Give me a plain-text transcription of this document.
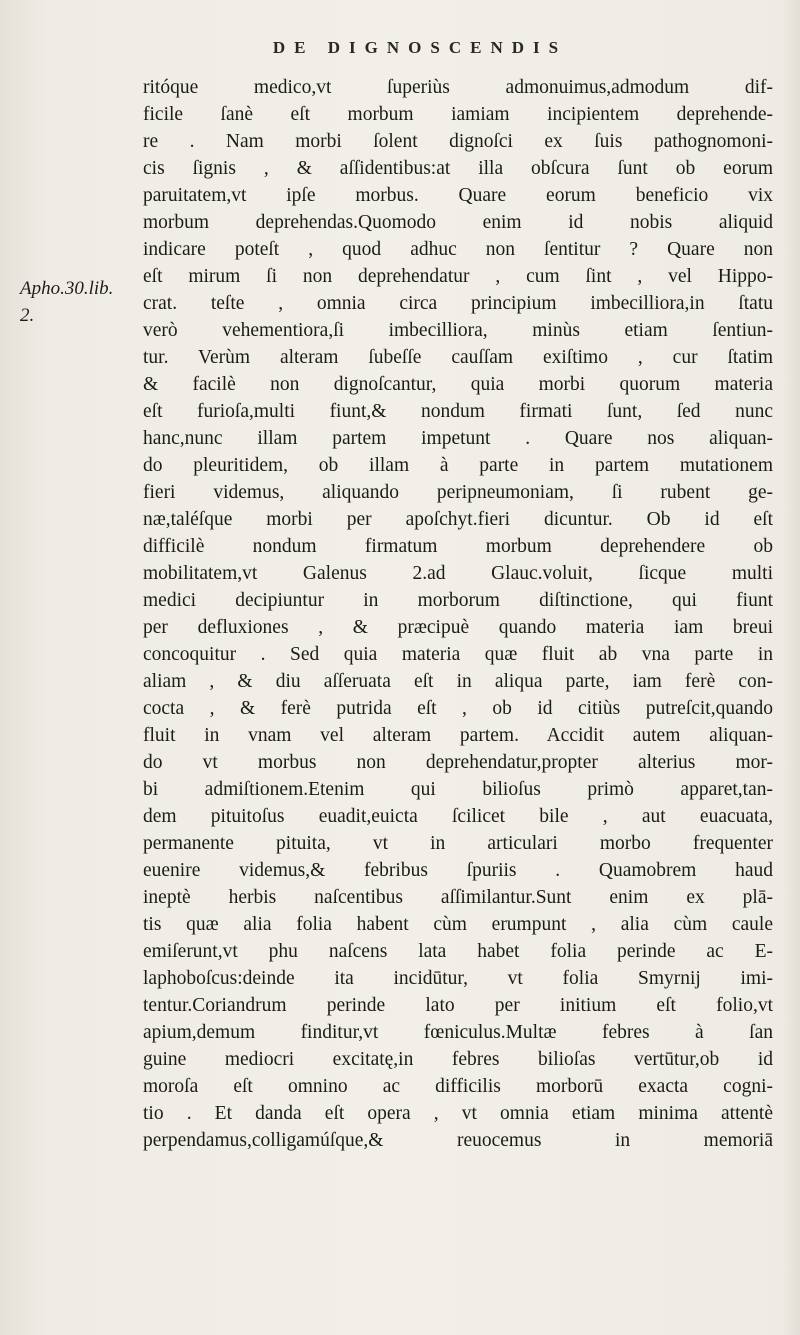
DE DIGNOSCENDIS
Apho.30.lib.
2.
ritóque medico,vt ſuperiùs admonuimus,admodum dif-
ficile ſanè eſt morbum iamiam incipientem deprehende-
re . Nam morbi ſolent dignoſci ex ſuis pathognomoni-
cis ſignis , & aſſidentibus:at illa obſcura ſunt ob eorum
paruitatem,vt ipſe morbus. Quare eorum beneficio vix
morbum deprehendas.Quomodo enim id nobis aliquid
indicare poteſt , quod adhuc non ſentitur ? Quare non
eſt mirum ſi non deprehendatur , cum ſint , vel Hippo-
crat. teſte , omnia circa principium imbecilliora,in ſtatu
verò vehementiora,ſi imbecilliora, minùs etiam ſentiun-
tur. Verùm alteram ſubeſſe cauſſam exiſtimo , cur ſtatim
& facilè non dignoſcantur, quia morbi quorum materia
eſt furioſa,multi fiunt,& nondum firmati ſunt, ſed nunc
hanc,nunc illam partem impetunt . Quare nos aliquan-
do pleuritidem, ob illam à parte in partem mutationem
fieri videmus, aliquando peripneumoniam, ſi rubent ge-
næ,taléſque morbi per apoſchyt.fieri dicuntur. Ob id eſt
difficilè nondum firmatum morbum deprehendere ob
mobilitatem,vt Galenus 2.ad Glauc.voluit, ſicque multi
medici decipiuntur in morborum diſtinctione, qui fiunt
per defluxiones , & præcipuè quando materia iam breui
concoquitur . Sed quia materia quæ fluit ab vna parte in
aliam , & diu aſſeruata eſt in aliqua parte, iam ferè con-
cocta , & ferè putrida eſt , ob id citiùs putreſcit,quando
fluit in vnam vel alteram partem. Accidit autem aliquan-
do vt morbus non deprehendatur,propter alterius mor-
bi admiſtionem.Etenim qui bilioſus primò apparet,tan-
dem pituitoſus euadit,euicta ſcilicet bile , aut euacuata,
permanente pituita, vt in articulari morbo frequenter
euenire videmus,& febribus ſpuriis . Quamobrem haud
ineptè herbis naſcentibus aſſimilantur.Sunt enim ex plā-
tis quæ alia folia habent cùm erumpunt , alia cùm caule
emiſerunt,vt phu naſcens lata habet folia perinde ac E-
laphoboſcus:deinde ita incidūtur, vt folia Smyrnij imi-
tentur.Coriandrum perinde lato per initium eſt folio,vt
apium,demum finditur,vt fœniculus.Multæ febres à ſan
guine mediocri excitatę,in febres bilioſas vertūtur,ob id
moroſa eſt omnino ac difficilis morborū exacta cogni-
tio . Et danda eſt opera , vt omnia etiam minima attentè
perpendamus,colligamúſque,& reuocemus in memoriā
